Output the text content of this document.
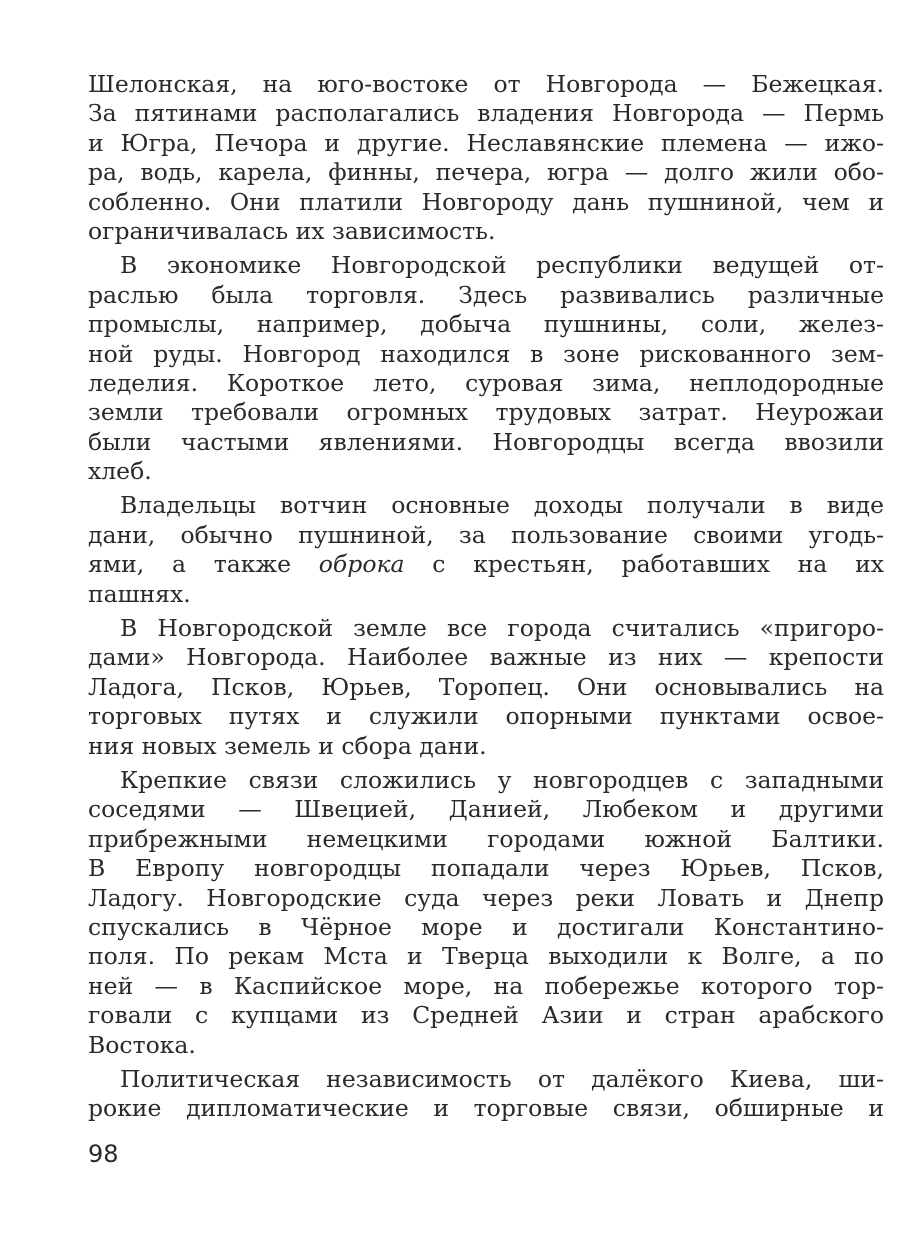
Шелонская, на юго-востоке от Новгорода — Бежецкая.
За пятинами располагались владения Новгорода — Пермь
и Югра, Печора и другие. Неславянские племена — ижо-
ра, водь, карела, финны, печера, югра — долго жили обо-
собленно. Они платили Новгороду дань пушниной, чем и
ограничивалась их зависимость.
В экономике Новгородской республики ведущей от-
раслью была торговля. Здесь развивались различные
промыслы, например, добыча пушнины, соли, желез-
ной руды. Новгород находился в зоне рискованного зем-
леделия. Короткое лето, суровая зима, неплодородные
земли требовали огромных трудовых затрат. Неурожаи
были частыми явлениями. Новгородцы всегда ввозили
хлеб.
Владельцы вотчин основные доходы получали в виде
дани, обычно пушниной, за пользование своими угодь-
ями, а также оброка с крестьян, работавших на их
пашнях.
В Новгородской земле все города считались «пригоро-
дами» Новгорода. Наиболее важные из них — крепости
Ладога, Псков, Юрьев, Торопец. Они основывались на
торговых путях и служили опорными пунктами освое-
ния новых земель и сбора дани.
Крепкие связи сложились у новгородцев с западными
соседями — Швецией, Данией, Любеком и другими
прибрежными немецкими городами южной Балтики.
В Европу новгородцы попадали через Юрьев, Псков,
Ладогу. Новгородские суда через реки Ловать и Днепр
спускались в Чёрное море и достигали Константино-
поля. По рекам Мста и Тверца выходили к Волге, а по
ней — в Каспийское море, на побережье которого тор-
говали с купцами из Средней Азии и стран арабского
Востока.
Политическая независимость от далёкого Киева, ши-
рокие дипломатические и торговые связи, обширные и
98
